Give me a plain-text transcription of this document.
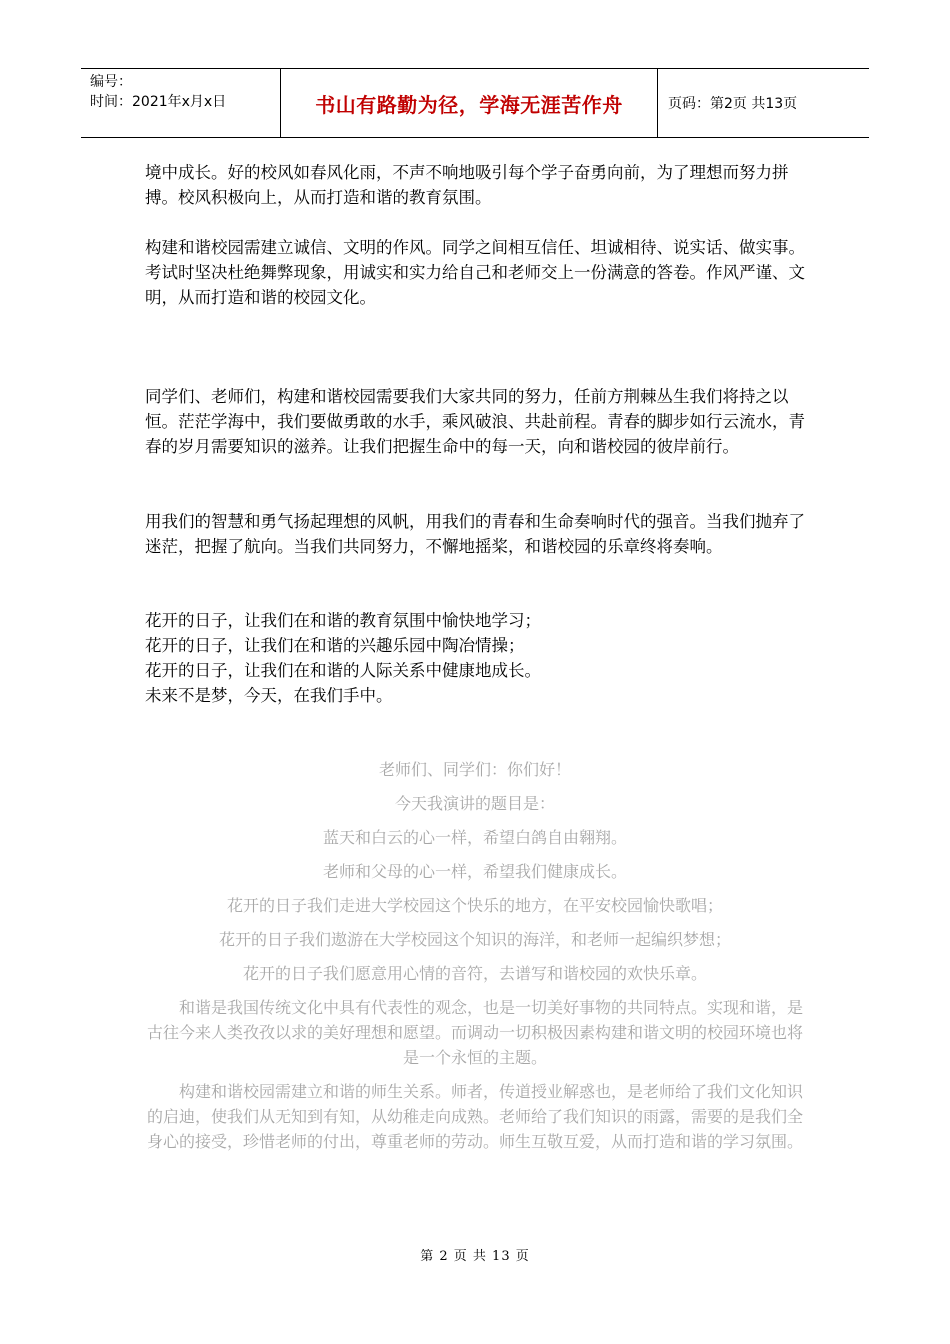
编号：
时间：2021年x月x日	书山有路勤为径，学海无涯苦作舟	页码：第2页 共13页

境中成长。好的校风如春风化雨，不声不响地吸引每个学子奋勇向前，为了理想而努力拼搏。校风积极向上，从而打造和谐的教育氛围。

构建和谐校园需建立诚信、文明的作风。同学之间相互信任、坦诚相待、说实话、做实事。考试时坚决杜绝舞弊现象，用诚实和实力给自己和老师交上一份满意的答卷。作风严谨、文明，从而打造和谐的校园文化。

同学们、老师们，构建和谐校园需要我们大家共同的努力，任前方荆棘丛生我们将持之以恒。茫茫学海中，我们要做勇敢的水手，乘风破浪、共赴前程。青春的脚步如行云流水，青春的岁月需要知识的滋养。让我们把握生命中的每一天，向和谐校园的彼岸前行。

用我们的智慧和勇气扬起理想的风帆，用我们的青春和生命奏响时代的强音。当我们抛弃了迷茫，把握了航向。当我们共同努力，不懈地摇桨，和谐校园的乐章终将奏响。

花开的日子，让我们在和谐的教育氛围中愉快地学习；

花开的日子，让我们在和谐的兴趣乐园中陶冶情操；

花开的日子，让我们在和谐的人际关系中健康地成长。

未来不是梦，今天，在我们手中。

老师们、同学们：你们好！

今天我演讲的题目是：

蓝天和白云的心一样，希望白鸽自由翱翔。

老师和父母的心一样，希望我们健康成长。

花开的日子我们走进大学校园这个快乐的地方，在平安校园愉快歌唱；

花开的日子我们遨游在大学校园这个知识的海洋，和老师一起编织梦想；

花开的日子我们愿意用心情的音符，去谱写和谐校园的欢快乐章。

和谐是我国传统文化中具有代表性的观念，也是一切美好事物的共同特点。实现和谐，是古往今来人类孜孜以求的美好理想和愿望。而调动一切积极因素构建和谐文明的校园环境也将是一个永恒的主题。

构建和谐校园需建立和谐的师生关系。师者，传道授业解惑也，是老师给了我们文化知识的启迪，使我们从无知到有知，从幼稚走向成熟。老师给了我们知识的雨露，需要的是我们全身心的接受，珍惜老师的付出，尊重老师的劳动。师生互敬互爱，从而打造和谐的学习氛围。

第 2 页 共 13 页
